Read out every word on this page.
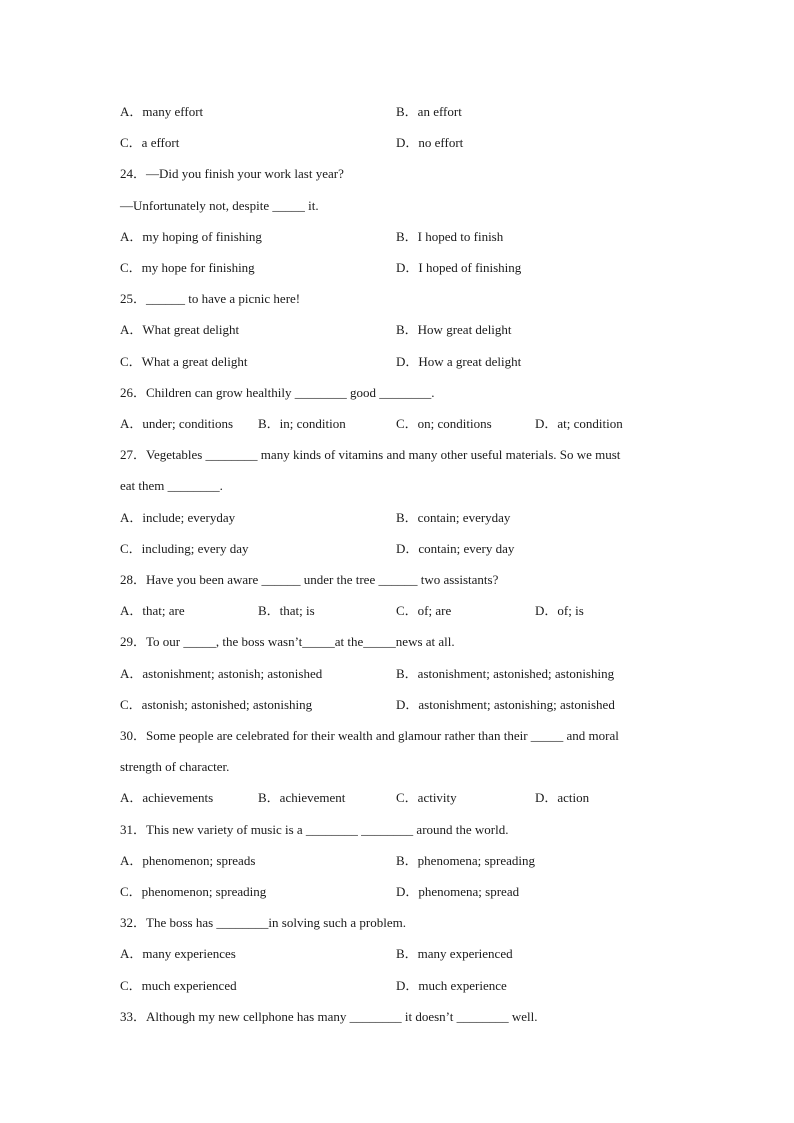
A．many effort	B．an effort
C．a effort	D．no effort
24．—Did you finish your work last year?
—Unfortunately not, despite _____ it.
A．my hoping of finishing	B．I hoped to finish
C．my hope for finishing	D．I hoped of finishing
25．______ to have a picnic here!
A．What great delight	B．How great delight
C．What a great delight	D．How a great delight
26．Children can grow healthily ________ good ________.
A．under; conditions B．in; condition	C．on; conditions	D．at; condition
27．Vegetables ________ many kinds of vitamins and many other useful materials. So we must
eat them ________.
A．include; everyday	B．contain; everyday
C．including; every day	D．contain; every day
28．Have you been aware ______ under the tree ______ two assistants?
A．that; are	B．that; is	C．of; are	D．of; is
29．To our _____, the boss wasn’t_____at the_____news at all.
A．astonishment; astonish; astonished	B．astonishment; astonished; astonishing
C．astonish; astonished; astonishing	D．astonishment; astonishing; astonished
30．Some people are celebrated for their wealth and glamour rather than their _____ and moral
strength of character.
A．achievements	B．achievement	C．activity	D．action
31．This new variety of music is a ________ ________ around the world.
A．phenomenon; spreads	B．phenomena; spreading
C．phenomenon; spreading	D．phenomena; spread
32．The boss has ________in solving such a problem.
A．many experiences	B．many experienced
C．much experienced	D．much experience
33．Although my new cellphone has many ________ it doesn’t ________ well.
